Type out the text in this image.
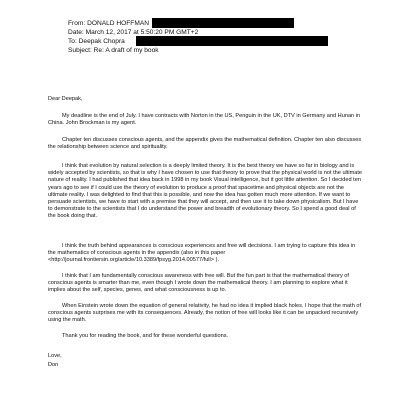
From: DONALD HOFFMAN
Date: March 12, 2017 at 5:50:20 PM GMT+2
To: Deepak Chopra
Subject: Re: A draft of my book
Dear Deepak,

My deadline is the end of July. I have contracts with Norton in the US, Penguin in the UK, DTV in Germany and Hunan in China. John Brockman is my agent.

Chapter ten discusses conscious agents, and the appendix gives the mathematical definition. Chapter ten also discusses the relationship between science and spirituality.

I think that evolution by natural selection is a deeply limited theory. It is the best theory we have so far in biology and is widely accepted by scientists, so that is why I have chosen to use that theory to prove that the physical world is not the ultimate nature of reality. I had published that idea back in 1998 in my book Visual intelligence, but it got little attention. So I decided ten years ago to see if I could use the theory of evolution to produce a proof that spacetime and physical objects are not the ultimate reality. I was delighted to find that this is possible, and now the idea has gotten much more attention. If we want to persuade scientists, we have to start with a premise that they will accept, and then use it to take down physicalism. But I have to demonstrate to the scientists that I do understand the power and breadth of evolutionary theory. So I spend a good deal of the book doing that.

I think the truth behind appearances is conscious experiences and free will decisions. I am trying to capture this idea in the mathematics of conscious agents in the appendix (also in this paper <http://journal.frontiersin.org/article/10.3389/fpsyg.2014.00577/full> ).

I think that I am fundamentally conscious awareness with free will. But the fun part is that the mathematical theory of conscious agents is smarter than me, even though I wrote down the mathematical theory. I am planning to explore what it implies about the self, species, genes, and what consciousness is up to.

When Einstein wrote down the equation of general relativity, he had no idea it implied black holes. I hope that the math of conscious agents surprises me with its consequences. Already, the notion of free will looks like it can be unpacked recursively using the math.

Thank you for reading the book, and for these wonderful questions.

Love,
Don
